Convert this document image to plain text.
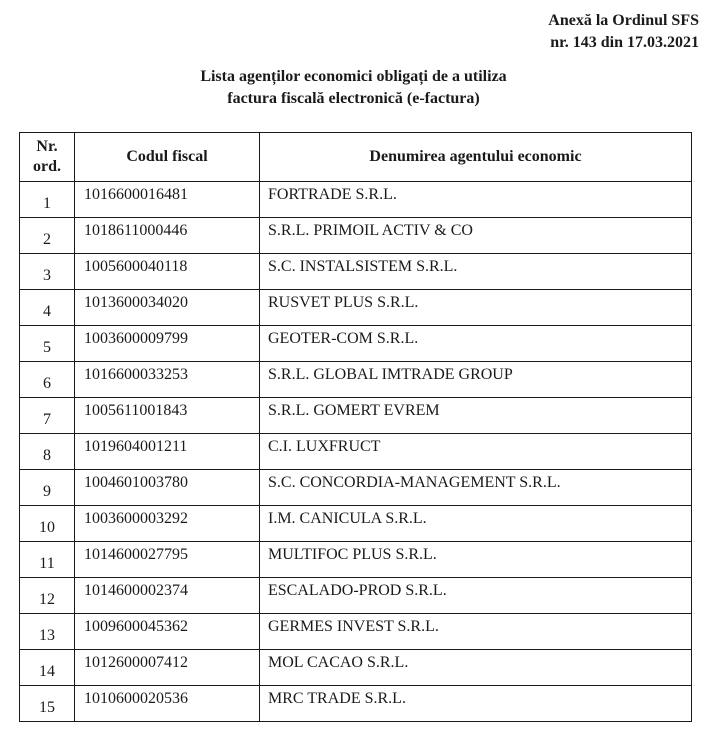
Anexă la Ordinul SFS
nr. 143 din 17.03.2021
Lista agenților economici obligați de a utiliza
factura fiscală electronică (e-factura)
Nr.
ord.	Codul fiscal	Denumirea agentului economic
1	1016600016481	FORTRADE S.R.L.
2	1018611000446	S.R.L. PRIMOIL ACTIV & CO
3	1005600040118	S.C. INSTALSISTEM S.R.L.
4	1013600034020	RUSVET PLUS S.R.L.
5	1003600009799	GEOTER-COM S.R.L.
6	1016600033253	S.R.L. GLOBAL IMTRADE GROUP
7	1005611001843	S.R.L. GOMERT EVREM
8	1019604001211	C.I. LUXFRUCT
9	1004601003780	S.C. CONCORDIA-MANAGEMENT S.R.L.
10	1003600003292	I.M. CANICULA S.R.L.
11	1014600027795	MULTIFOC PLUS S.R.L.
12	1014600002374	ESCALADO-PROD S.R.L.
13	1009600045362	GERMES INVEST S.R.L.
14	1012600007412	MOL CACAO S.R.L.
15	1010600020536	MRC TRADE S.R.L.
